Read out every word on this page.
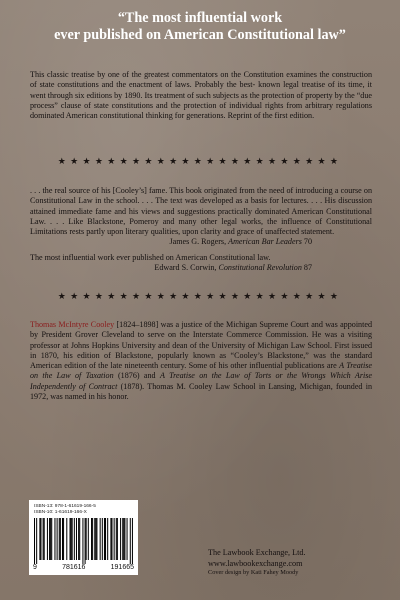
“The most influential work
ever published on American Constitutional law”
This classic treatise by one of the greatest commentators on the Constitution examines the construction of state constitutions and the enactment of laws. Probably the best- known legal treatise of its time, it went through six editions by 1890. Its treatment of such subjects as the protection of property by the “due process” clause of state constitutions and the protection of individual rights from arbitrary regulations dominated American constitutional thinking for generations. Reprint of the first edition.
★★★★★★★★★★★★★★★★★★★★★★★
. . . the real source of his [Cooley’s] fame. This book originated from the need of introducing a course on Constitutional Law in the school. . . . The text was developed as a basis for lectures. . . . His discussion attained immediate fame and his views and suggestions practically dominated American Constitutional Law. . . . Like Blackstone, Pomeroy and many other legal works, the influence of Constitutional Limitations rests partly upon literary qualities, upon clarity and grace of unaffected statement.
James G. Rogers, American Bar Leaders 70
The most influential work ever published on American Constitutional law.
Edward S. Corwin, Constitutional Revolution 87
★★★★★★★★★★★★★★★★★★★★★★★
Thomas McIntyre Cooley [1824–1898] was a justice of the Michigan Supreme Court and was appointed by President Grover Cleveland to serve on the Interstate Commerce Commission. He was a visiting professor at Johns Hopkins University and dean of the University of Michigan Law School. First issued in 1870, his edition of Blackstone, popularly known as “Cooley’s Blackstone,” was the standard American edition of the late nineteenth century. Some of his other influential publications are A Treatise on the Law of Taxation (1876) and A Treatise on the Law of Torts or the Wrongs Which Arise Independently of Contract (1878). Thomas M. Cooley Law School in Lansing, Michigan, founded in 1972, was named in his honor.
ISBN-13: 978-1-61619-166-5
ISBN-10: 1-61619-166-X
9	781616	191665
The Lawbook Exchange, Ltd.
www.lawbookexchange.com
Cover design by Kati Fahey Moody
